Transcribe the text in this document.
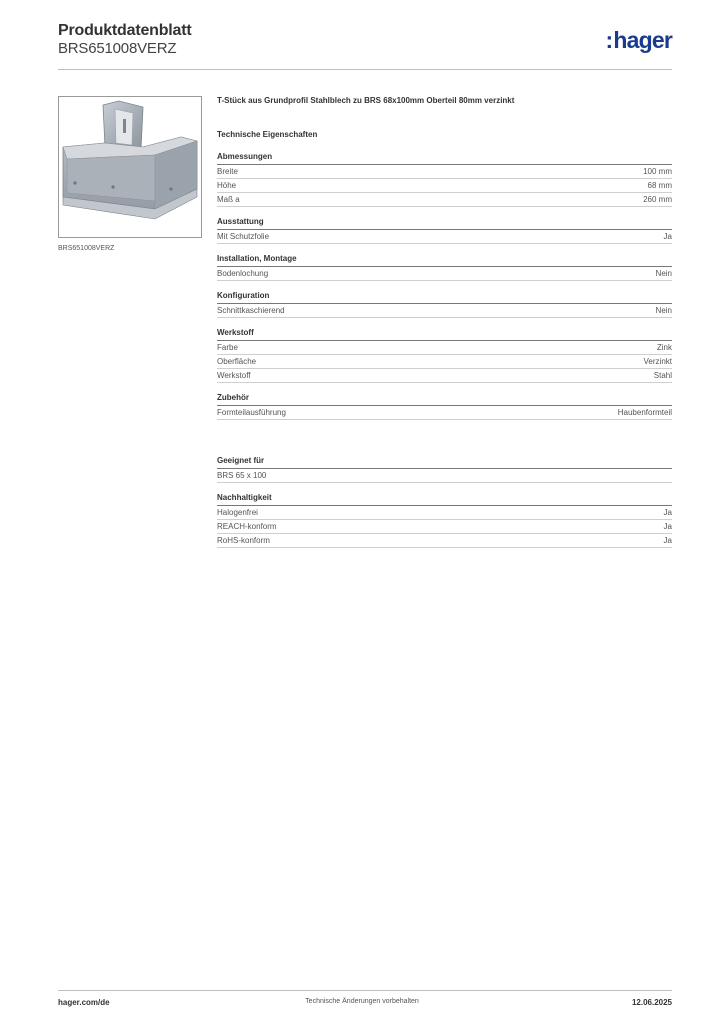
Produktdatenblatt
BRS651008VERZ	:hager
BRS651008VERZ
T-Stück aus Grundprofil Stahlblech zu BRS 68x100mm Oberteil 80mm verzinkt
Technische Eigenschaften
Abmessungen
Breite	100 mm
Höhe	68 mm
Maß a	260 mm
Ausstattung
Mit Schutzfolie	Ja
Installation, Montage
Bodenlochung	Nein
Konfiguration
Schnittkaschierend	Nein
Werkstoff
Farbe	Zink
Oberfläche	Verzinkt
Werkstoff	Stahl
Zubehör
Formteilausführung	Haubenformteil
Geeignet für
BRS 65 x 100
Nachhaltigkeit
Halogenfrei	Ja
REACH-konform	Ja
RoHS-konform	Ja
hager.com/de	Technische Änderungen vorbehalten	12.06.2025
